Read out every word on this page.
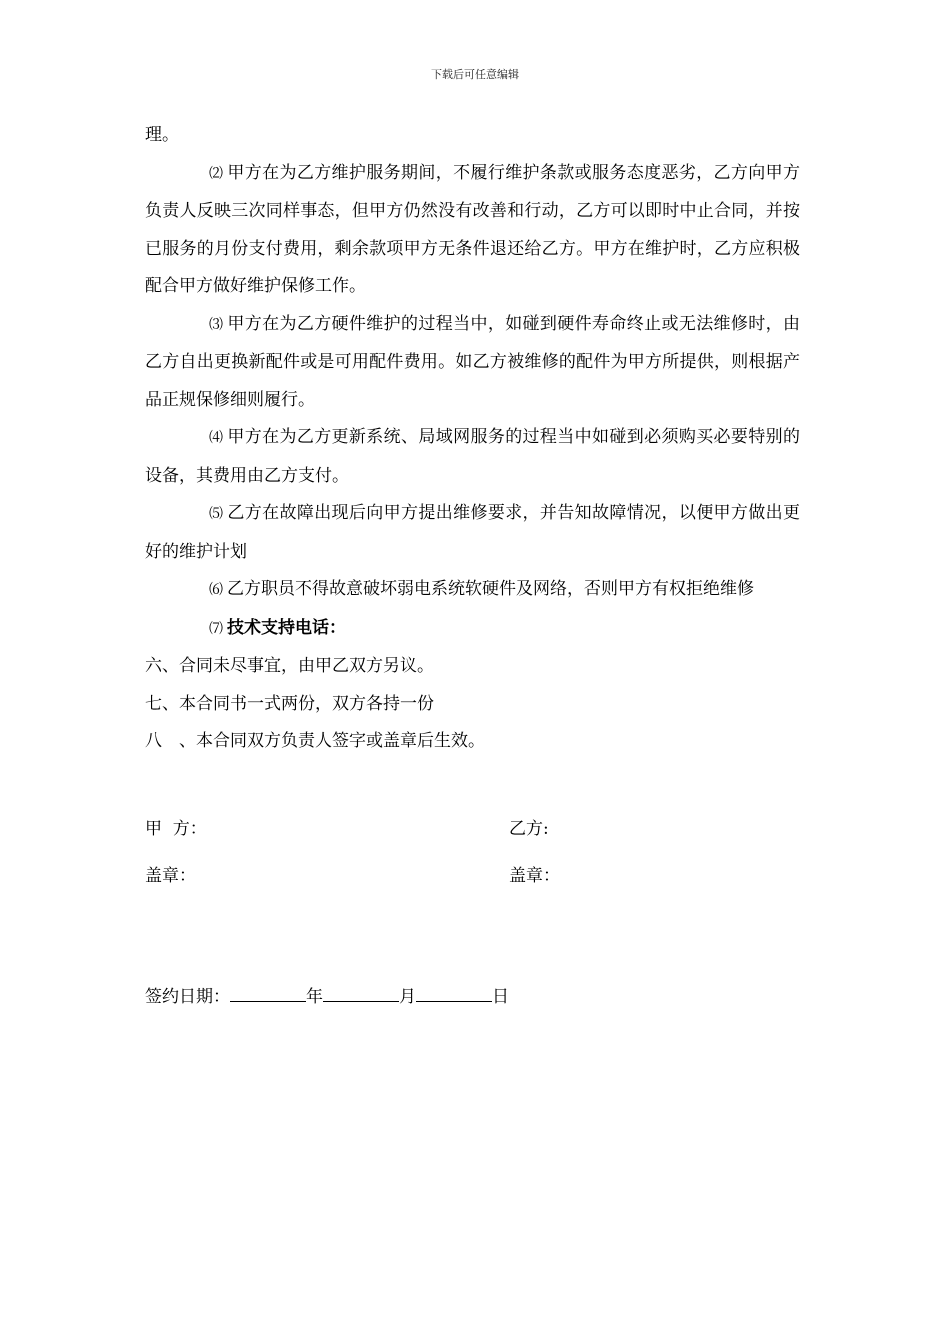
下载后可任意编辑

理。

⑵ 甲方在为乙方维护服务期间，不履行维护条款或服务态度恶劣，乙方向甲方负责人反映三次同样事态，但甲方仍然没有改善和行动，乙方可以即时中止合同，并按已服务的月份支付费用，剩余款项甲方无条件退还给乙方。甲方在维护时，乙方应积极配合甲方做好维护保修工作。

⑶ 甲方在为乙方硬件维护的过程当中，如碰到硬件寿命终止或无法维修时，由乙方自出更换新配件或是可用配件费用。如乙方被维修的配件为甲方所提供，则根据产品正规保修细则履行。

⑷ 甲方在为乙方更新系统、局域网服务的过程当中如碰到必须购买必要特别的设备，其费用由乙方支付。

⑸ 乙方在故障出现后向甲方提出维修要求，并告知故障情况，以便甲方做出更好的维护计划

⑹ 乙方职员不得故意破坏弱电系统软硬件及网络，否则甲方有权拒绝维修

⑺ 技术支持电话：

六、合同未尽事宜，由甲乙双方另议。

七、本合同书一式两份，双方各持一份

八　、本合同双方负责人签字或盖章后生效。

甲  方：	乙方:
盖章：	盖章：
签约日期：	年	月	日
